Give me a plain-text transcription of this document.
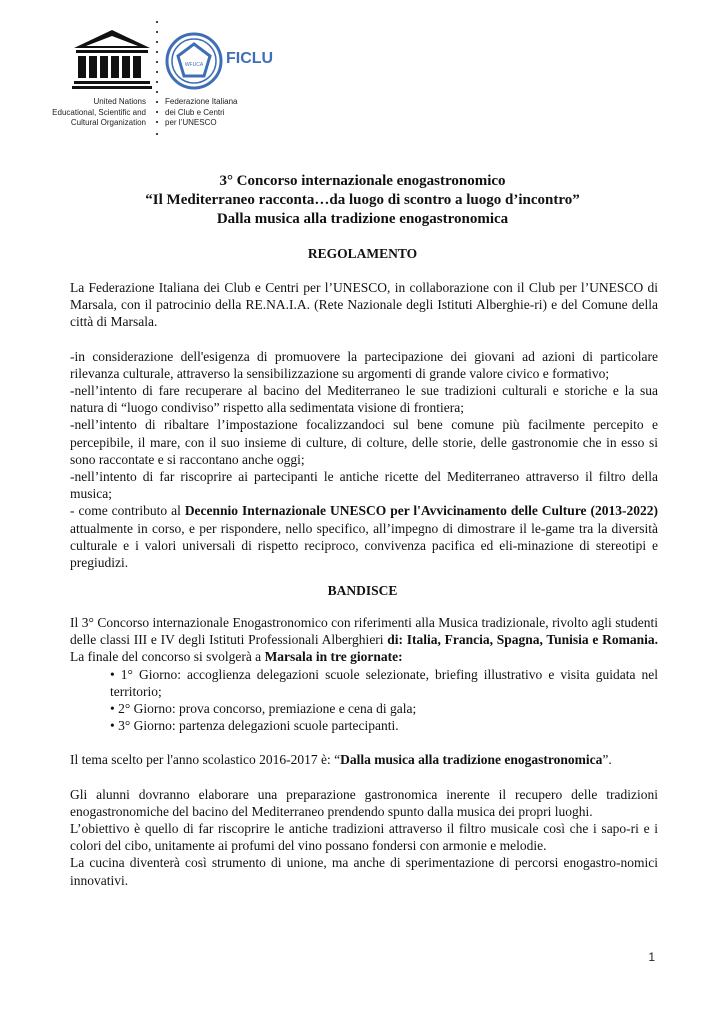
United Nations
Educational, Scientific and
Cultural Organization
WFUCA FICLU
Federazione Italiana
dei Club e Centri
per l’UNESCO
3° Concorso internazionale enogastronomico
“Il Mediterraneo racconta…da luogo di scontro a luogo d’incontro”
Dalla musica alla tradizione enogastronomica
REGOLAMENTO

La Federazione Italiana dei Club e Centri per l’UNESCO, in collaborazione con il Club per l’UNESCO di Marsala, con il patrocinio della RE.NA.I.A. (Rete Nazionale degli Istituti Alberghie-ri) e del Comune della città di Marsala.

-in considerazione dell'esigenza di promuovere la partecipazione dei giovani ad azioni di particolare rilevanza culturale, attraverso la sensibilizzazione su argomenti di grande valore civico e formativo;

-nell’intento di fare recuperare al bacino del Mediterraneo le sue tradizioni culturali e storiche e la sua natura di “luogo condiviso” rispetto alla sedimentata visione di frontiera;

-nell’intento di ribaltare l’impostazione focalizzandoci sul bene comune più facilmente percepito e percepibile, il mare, con il suo insieme di culture, di colture, delle storie, delle gastronomie che in esso si sono raccontate e si raccontano anche oggi;

-nell’intento di far riscoprire ai partecipanti le antiche ricette del Mediterraneo attraverso il filtro della musica;

- come contributo al Decennio Internazionale UNESCO per l'Avvicinamento delle Culture (2013-2022) attualmente in corso, e per rispondere, nello specifico, all’impegno di dimostrare il le-game tra la diversità culturale e i valori universali di rispetto reciproco, convivenza pacifica ed eli-minazione di stereotipi e pregiudizi.

BANDISCE

Il 3° Concorso internazionale Enogastronomico con riferimenti alla Musica tradizionale, rivolto agli studenti delle classi III e IV degli Istituti Professionali Alberghieri di: Italia, Francia, Spagna, Tunisia e Romania. La finale del concorso si svolgerà a Marsala in tre giornate:

• 1° Giorno: accoglienza delegazioni scuole selezionate, briefing illustrativo e visita guidata nel territorio;
• 2° Giorno: prova concorso, premiazione e cena di gala;
• 3° Giorno: partenza delegazioni scuole partecipanti.

Il tema scelto per l'anno scolastico 2016-2017 è: “Dalla musica alla tradizione enogastronomica”.

Gli alunni dovranno elaborare una preparazione gastronomica inerente il recupero delle tradizioni enogastronomiche del bacino del Mediterraneo prendendo spunto dalla musica dei propri luoghi.

L’obiettivo è quello di far riscoprire le antiche tradizioni attraverso il filtro musicale così che i sapo-ri e i colori del cibo, unitamente ai profumi del vino possano fondersi con armonie e melodie.

La cucina diventerà così strumento di unione, ma anche di sperimentazione di percorsi enogastro-nomici innovativi.

1
